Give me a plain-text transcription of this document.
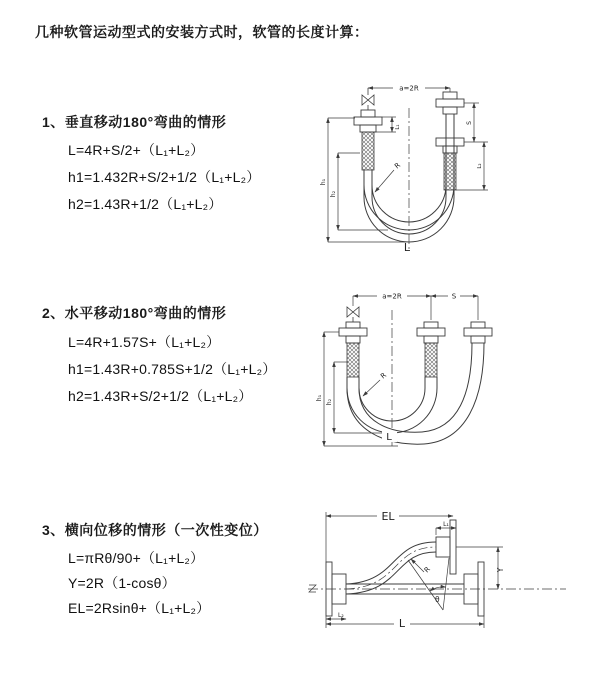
几种软管运动型式的安装方式时，软管的长度计算：
1、垂直移动180°弯曲的情形
L=4R+S/2+（L₁+L₂）
h1=1.432R+S/2+1/2（L₁+L₂）
h2=1.43R+1/2（L₁+L₂）
a=2R
L₁
S
L₂
h₁
h₂
R
L
2、水平移动180°弯曲的情形
L=4R+1.57S+（L₁+L₂）
h1=1.43R+0.785S+1/2（L₁+L₂）
h2=1.43R+S/2+1/2（L₁+L₂）
a=2R	S
h₁
h₂
R
L
3、横向位移的情形（一次性变位）
L=πRθ/90+（L₁+L₂）
Y=2R（1-cosθ）
EL=2Rsinθ+（L₁+L₂）
EL
L₁
Y
θ
R
L
L₂
